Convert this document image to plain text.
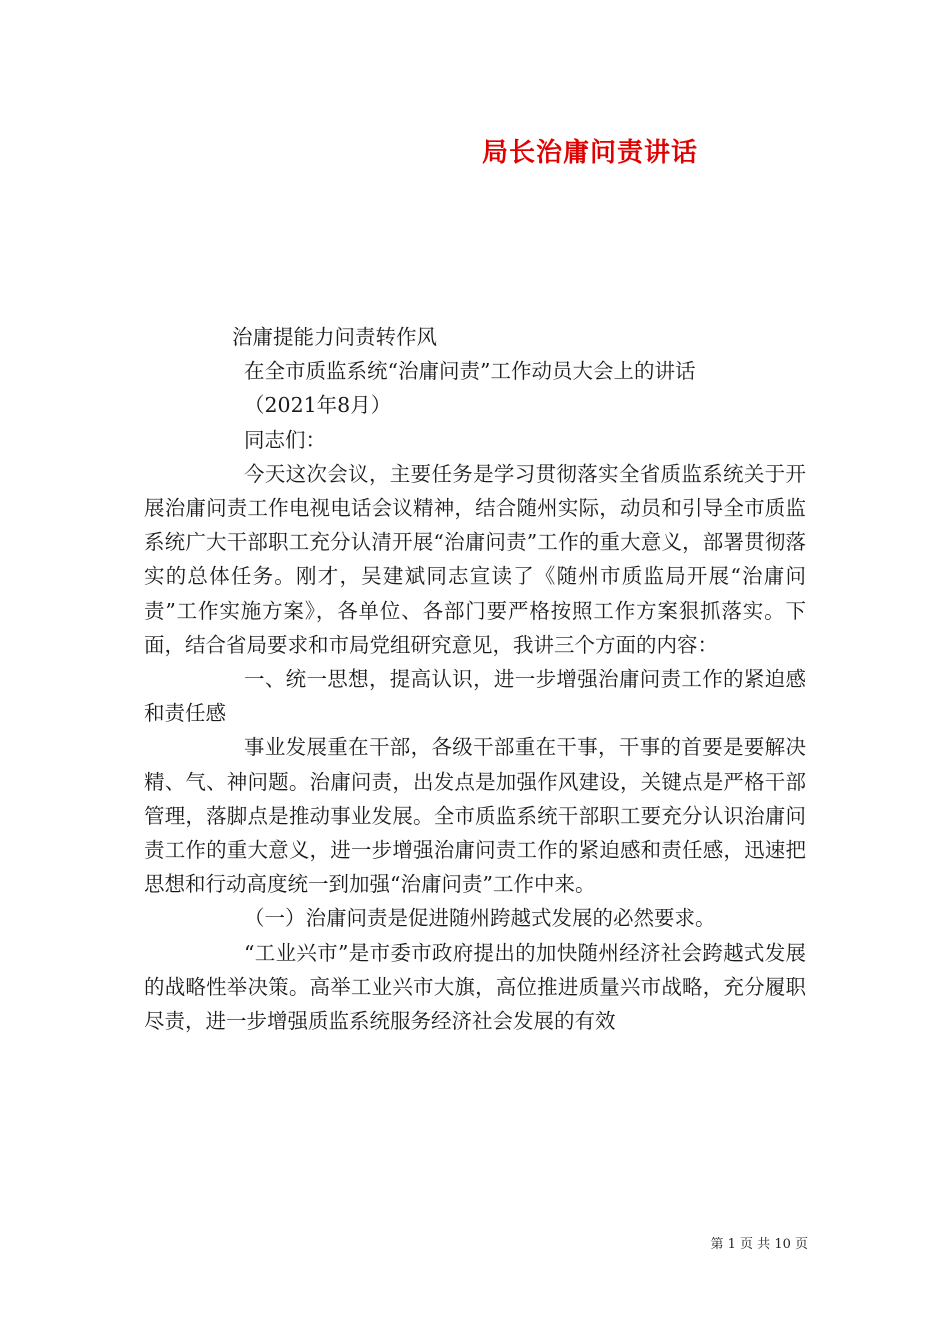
局长治庸问责讲话

治庸提能力问责转作风

在全市质监系统“治庸问责”工作动员大会上的讲话

（2021年8月）

同志们：

今天这次会议，主要任务是学习贯彻落实全省质监系统关于开展治庸问责工作电视电话会议精神，结合随州实际，动员和引导全市质监系统广大干部职工充分认清开展“治庸问责”工作的重大意义，部署贯彻落实的总体任务。刚才，吴建斌同志宣读了《随州市质监局开展“治庸问责”工作实施方案》，各单位、各部门要严格按照工作方案狠抓落实。下面，结合省局要求和市局党组研究意见，我讲三个方面的内容：

一、统一思想，提高认识，进一步增强治庸问责工作的紧迫感和责任感

事业发展重在干部，各级干部重在干事，干事的首要是要解决精、气、神问题。治庸问责，出发点是加强作风建设，关键点是严格干部管理，落脚点是推动事业发展。全市质监系统干部职工要充分认识治庸问责工作的重大意义，进一步增强治庸问责工作的紧迫感和责任感，迅速把思想和行动高度统一到加强“治庸问责”工作中来。

（一）治庸问责是促进随州跨越式发展的必然要求。

“工业兴市”是市委市政府提出的加快随州经济社会跨越式发展的战略性举决策。高举工业兴市大旗，高位推进质量兴市战略，充分履职尽责，进一步增强质监系统服务经济社会发展的有效

第 1 页 共 10 页
